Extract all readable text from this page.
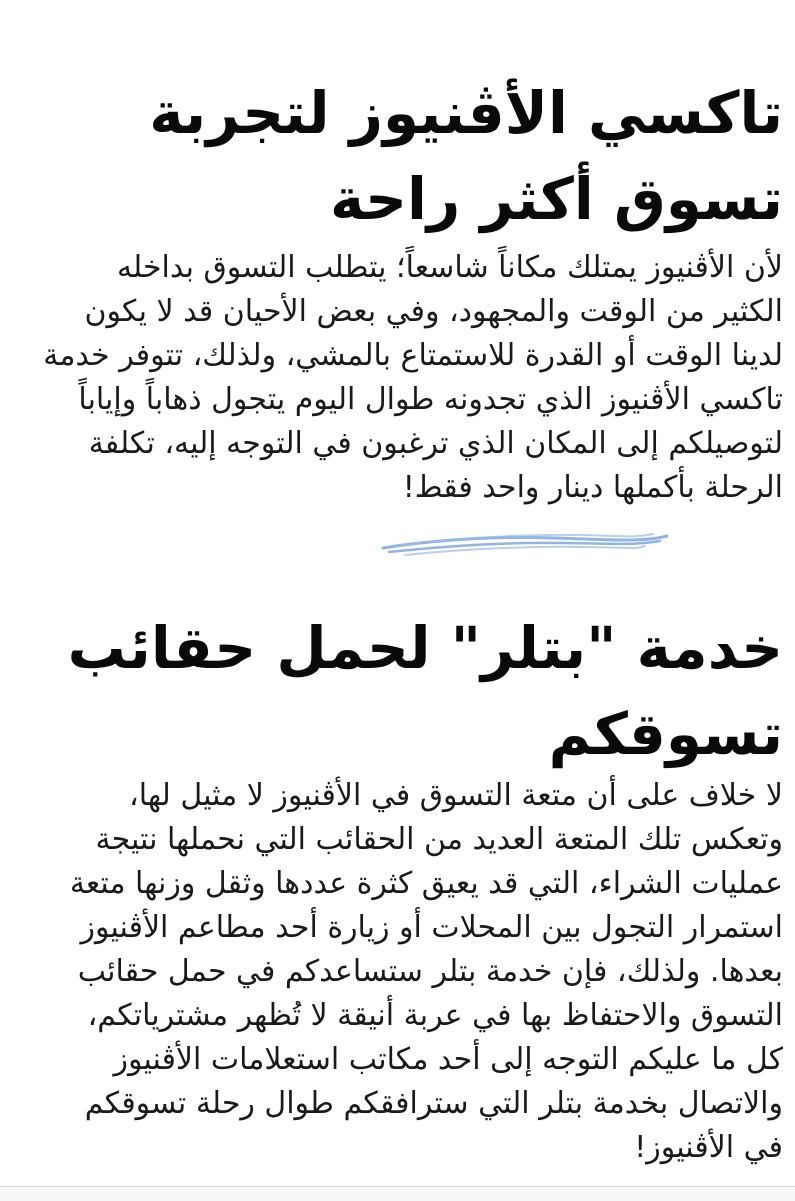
تاكسي الأڤنيوز لتجربة
تسوق أكثر راحة

لأن الأڤنيوز يمتلك مكاناً شاسعاً؛ يتطلب التسوق بداخله
الكثير من الوقت والمجهود، وفي بعض الأحيان قد لا يكون
لدينا الوقت أو القدرة للاستمتاع بالمشي، ولذلك، تتوفر خدمة
تاكسي الأڤنيوز الذي تجدونه طوال اليوم يتجول ذهاباً وإياباً
لتوصيلكم إلى المكان الذي ترغبون في التوجه إليه، تكلفة
الرحلة بأكملها دينار واحد فقط!

خدمة "بتلر" لحمل حقائب
تسوقكم

لا خلاف على أن متعة التسوق في الأڤنيوز لا مثيل لها،
وتعكس تلك المتعة العديد من الحقائب التي نحملها نتيجة
عمليات الشراء، التي قد يعيق كثرة عددها وثقل وزنها متعة
استمرار التجول بين المحلات أو زيارة أحد مطاعم الأڤنيوز
بعدها. ولذلك، فإن خدمة بتلر ستساعدكم في حمل حقائب
التسوق والاحتفاظ بها في عربة أنيقة لا تُظهر مشترياتكم،
كل ما عليكم التوجه إلى أحد مكاتب استعلامات الأڤنيوز
والاتصال بخدمة بتلر التي سترافقكم طوال رحلة تسوقكم
في الأڤنيوز!
